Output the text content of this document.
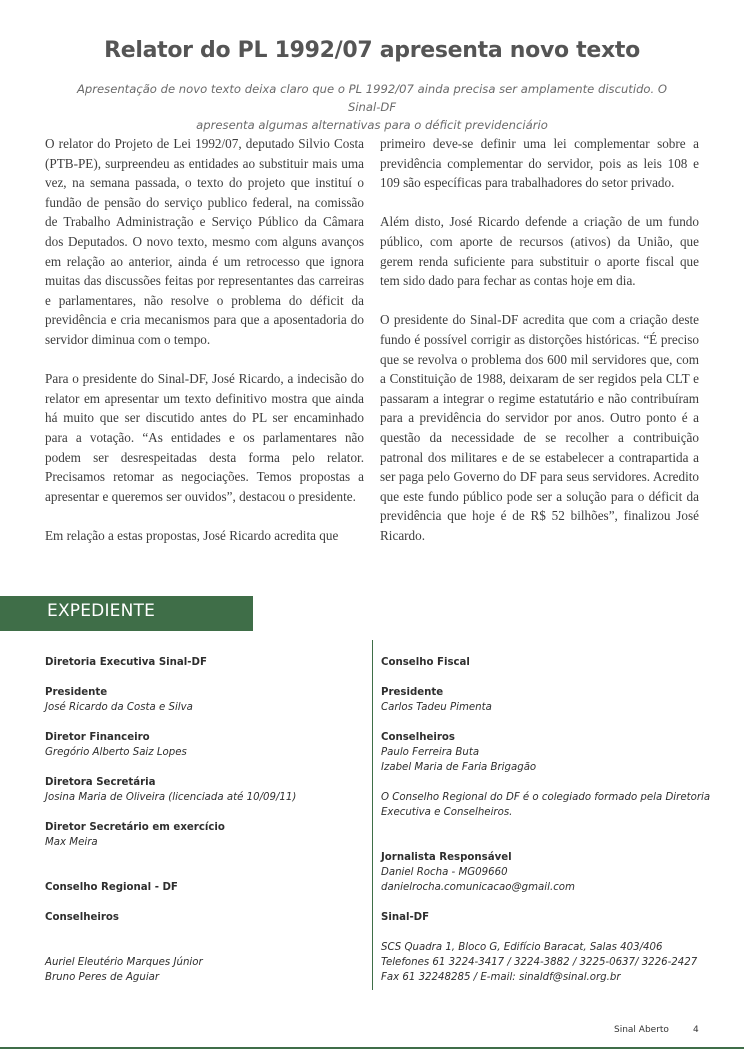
Relator do PL 1992/07 apresenta novo texto
Apresentação de novo texto deixa claro que o PL 1992/07 ainda precisa ser amplamente discutido. O Sinal-DF
apresenta algumas alternativas para o déficit previdenciário

O relator do Projeto de Lei 1992/07, deputado Silvio Costa (PTB-PE), surpreendeu as entidades ao substituir mais uma vez, na semana passada, o texto do projeto que instituí o fundão de pensão do serviço publico federal, na comissão de Trabalho Administração e Serviço Público da Câmara dos Deputados. O novo texto, mesmo com alguns avanços em relação ao anterior, ainda é um retrocesso que ignora muitas das discussões feitas por representantes das carreiras e parlamentares, não resolve o problema do déficit da previdência e cria mecanismos para que a aposentadoria do servidor diminua com o tempo.

Para o presidente do Sinal-DF, José Ricardo, a indecisão do relator em apresentar um texto definitivo mostra que ainda há muito que ser discutido antes do PL ser encaminhado para a votação. “As entidades e os parlamentares não podem ser desrespeitadas desta forma pelo relator. Precisamos retomar as negociações. Temos propostas a apresentar e queremos ser ouvidos”, destacou o presidente.

Em relação a estas propostas, José Ricardo acredita que

primeiro deve-se definir uma lei complementar sobre a previdência complementar do servidor, pois as leis 108 e 109 são específicas para trabalhadores do setor privado.

Além disto, José Ricardo defende a criação de um fundo público, com aporte de recursos (ativos) da União, que gerem renda suficiente para substituir o aporte fiscal que tem sido dado para fechar as contas hoje em dia.

O presidente do Sinal-DF acredita que com a criação deste fundo é possível corrigir as distorções históricas. “É preciso que se revolva o problema dos 600 mil servidores que, com a Constituição de 1988, deixaram de ser regidos pela CLT e passaram a integrar o regime estatutário e não contribuíram para a previdência do servidor por anos. Outro ponto é a questão da necessidade de se recolher a contribuição patronal dos militares e de se estabelecer a contrapartida a ser paga pelo Governo do DF para seus servidores. Acredito que este fundo público pode ser a solução para o déficit da previdência que hoje é de R$ 52 bilhões”, finalizou José Ricardo.

EXPEDIENTE
Diretoria Executiva Sinal-DF
Presidente
José Ricardo da Costa e Silva
Diretor Financeiro
Gregório Alberto Saiz Lopes
Diretora Secretária
Josina Maria de Oliveira (licenciada até 10/09/11)
Diretor Secretário em exercício
Max Meira
Conselho Regional - DF
Conselheiros
Auriel Eleutério Marques Júnior
Bruno Peres de Aguiar
Conselho Fiscal
Presidente
Carlos Tadeu Pimenta
Conselheiros
Paulo Ferreira Buta
Izabel Maria de Faria Brigagão
O Conselho Regional do DF é o colegiado formado pela Diretoria
Executiva e Conselheiros.
Jornalista Responsável
Daniel Rocha - MG09660
danielrocha.comunicacao@gmail.com
Sinal-DF
SCS Quadra 1, Bloco G, Edifício Baracat, Salas 403/406
Telefones 61 3224-3417 / 3224-3882 / 3225-0637/ 3226-2427
Fax 61 32248285 / E-mail: sinaldf@sinal.org.br
Sinal Aberto	4
